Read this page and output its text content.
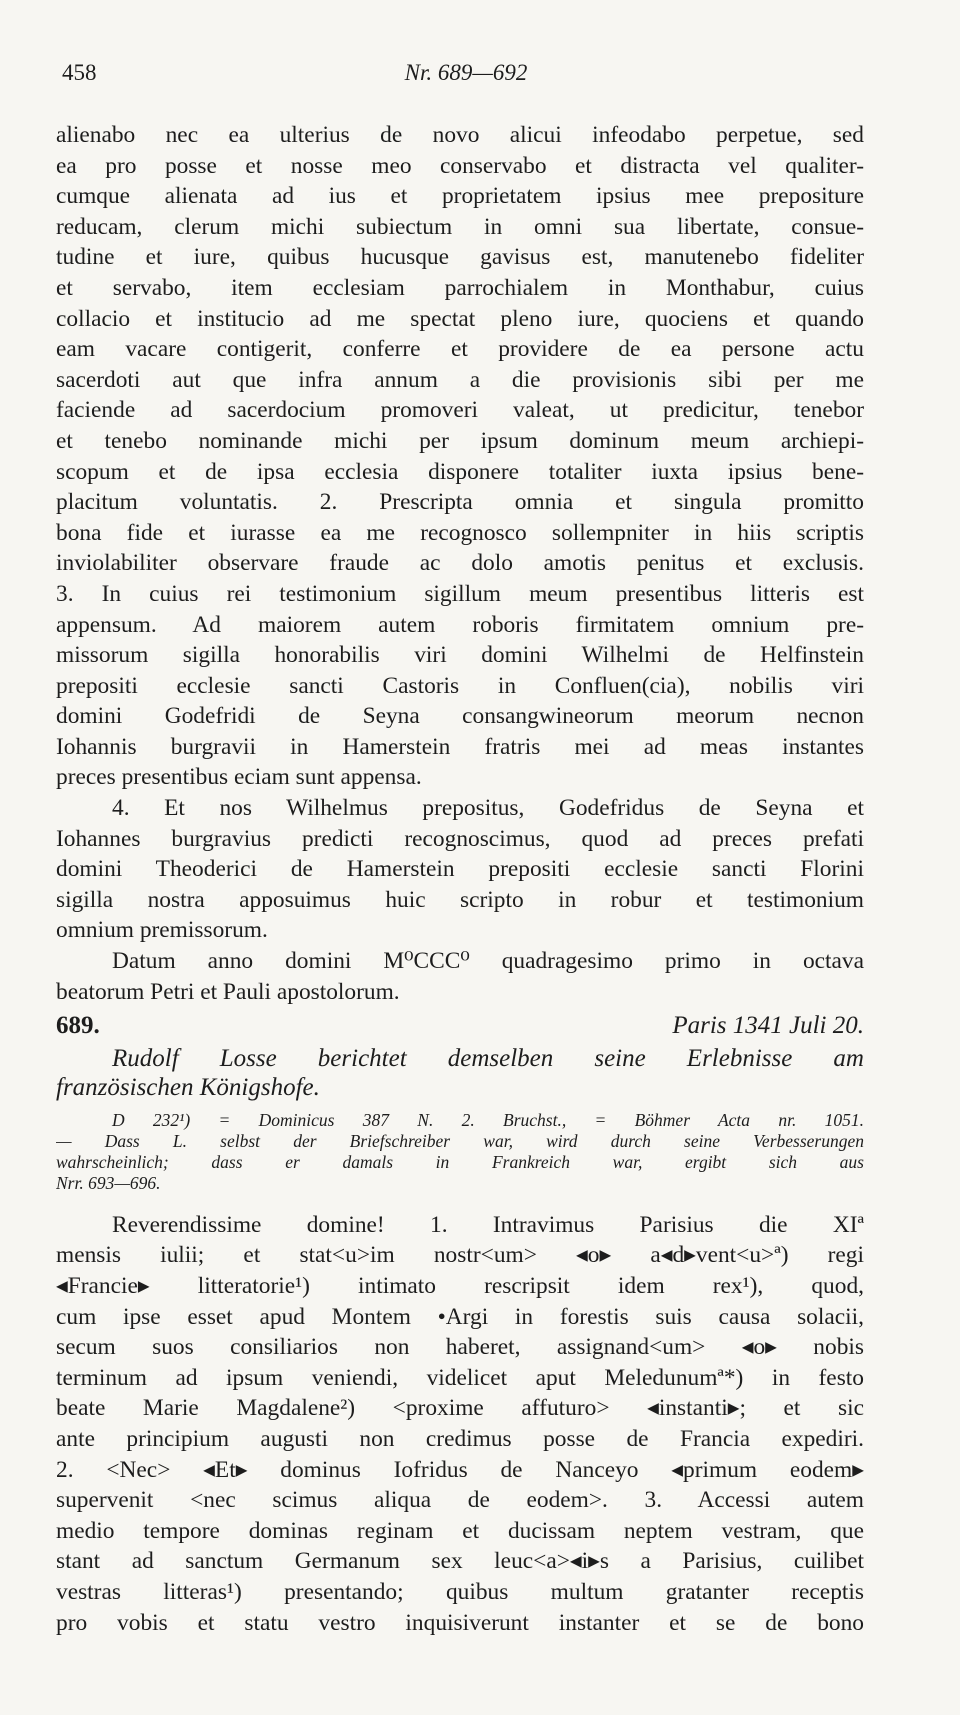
458	Nr. 689—692
alienabo nec ea ulterius de novo alicui infeodabo perpetue, sed
ea pro posse et nosse meo conservabo et distracta vel qualiter-
cumque alienata ad ius et proprietatem ipsius mee prepositure
reducam, clerum michi subiectum in omni sua libertate, consue-
tudine et iure, quibus hucusque gavisus est, manutenebo fideliter
et servabo, item ecclesiam parrochialem in Monthabur, cuius
collacio et institucio ad me spectat pleno iure, quociens et quando
eam vacare contigerit, conferre et providere de ea persone actu
sacerdoti aut que infra annum a die provisionis sibi per me
faciende ad sacerdocium promoveri valeat, ut predicitur, tenebor
et tenebo nominande michi per ipsum dominum meum archiepi-
scopum et de ipsa ecclesia disponere totaliter iuxta ipsius bene-
placitum voluntatis. 2. Prescripta omnia et singula promitto
bona fide et iurasse ea me recognosco sollempniter in hiis scriptis
inviolabiliter observare fraude ac dolo amotis penitus et exclusis.
3. In cuius rei testimonium sigillum meum presentibus litteris est
appensum. Ad maiorem autem roboris firmitatem omnium pre-
missorum sigilla honorabilis viri domini Wilhelmi de Helfinstein
prepositi ecclesie sancti Castoris in Confluen(cia), nobilis viri
domini Godefridi de Seyna consangwineorum meorum necnon
Iohannis burgravii in Hamerstein fratris mei ad meas instantes
preces presentibus eciam sunt appensa.
4. Et nos Wilhelmus prepositus, Godefridus de Seyna et
Iohannes burgravius predicti recognoscimus, quod ad preces prefati
domini Theoderici de Hamerstein prepositi ecclesie sancti Florini
sigilla nostra apposuimus huic scripto in robur et testimonium
omnium premissorum.
Datum anno domini M⁰CCC⁰ quadragesimo primo in octava
beatorum Petri et Pauli apostolorum.
689.	Paris 1341 Juli 20.
Rudolf Losse berichtet demselben seine Erlebnisse am
französischen Königshofe.
D 232¹) = Dominicus 387 N. 2. Bruchst., = Böhmer Acta nr. 1051.
— Dass L. selbst der Briefschreiber war, wird durch seine Verbesserungen
wahrscheinlich; dass er damals in Frankreich war, ergibt sich aus
Nrr. 693—696.
Reverendissime domine! 1. Intravimus Parisius die XIª
mensis iulii; et stat<u>im nostr<um> ◂o▸ a◂d▸vent<u>ª) regi
◂Francie▸ litteratorie¹) intimato rescripsit idem rex¹), quod,
cum ipse esset apud Montem •Argi in forestis suis causa solacii,
secum suos consiliarios non haberet, assignand<um> ◂o▸ nobis
terminum ad ipsum veniendi, videlicet aput Meledunumª*) in festo
beate Marie Magdalene²) <proxime affuturo> ◂instanti▸; et sic
ante principium augusti non credimus posse de Francia expediri.
2. <Nec> ◂Et▸ dominus Iofridus de Nanceyo ◂primum eodem▸
supervenit <nec scimus aliqua de eodem>. 3. Accessi autem
medio tempore dominas reginam et ducissam neptem vestram, que
stant ad sanctum Germanum sex leuc<a>◂i▸s a Parisius, cuilibet
vestras litteras¹) presentando; quibus multum gratanter receptis
pro vobis et statu vestro inquisiverunt instanter et se de bono
